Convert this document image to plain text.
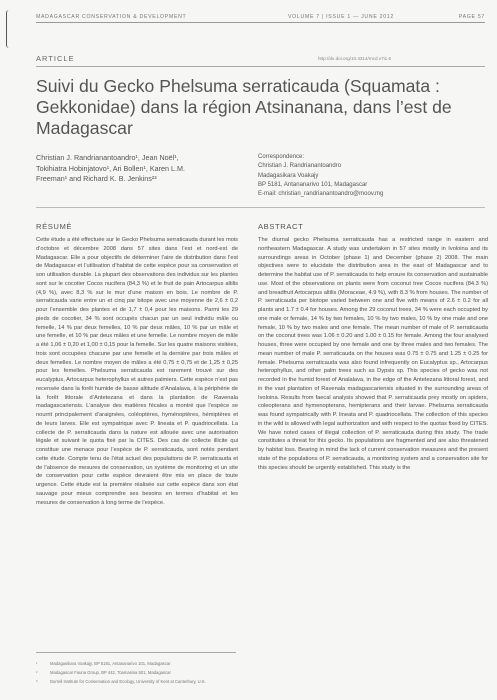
MADAGASCAR CONSERVATION & DEVELOPMENT	VOLUME 7 | ISSUE 1 — JUNE 2012	PAGE 57
ARTICLE	http://dx.doi.org/10.4314/mcd.v7i1.6
Suivi du Gecko Phelsuma serraticauda (Squamata : Gekkonidae) dans la région Atsinanana, dans l’est de Madagascar
Christian J. Randrianantoandro¹, Jean Noël¹,
Tokihiatra Hobinjatovo¹, Ari Bollen¹, Karen L.M.
Freeman¹ and Richard K. B. Jenkins²³
Correspondence:
Christian J. Randrianantoandro
Madagasikara Voakajy
BP 5181, Antananarivo 101, Madagascar
E-mail: christian_randrianantoandro@moov.mg
RÉSUMÉ
Cette étude a été effectuée sur le Gecko Phelsuma serraticauda durant les mois d’octobre et décembre 2008 dans 57 sites dans l’est et nord-est de Madagascar. Elle a pour objectifs de déterminer l’aire de distribution dans l’est de Madagascar et l’utilisation d’habitat de cette espèce pour sa conservation et son utilisation durable. La plupart des observations des individus sur les plantes sont sur le cocotier Cocos nucifera (84,3 %) et le fruit de pain Artocarpus altilis (4,9 %), avec 8,3 % sur le mur d’une maison en bois. Le nombre de P. serraticauda varie entre un et cinq par bitope avec une moyenne de 2,6 ± 0,2 pour l’ensemble des plantes et de 1,7 ± 0,4 pour les maisons. Parmi les 29 pieds de cocotier, 34 % sont occupés chacun par un seul individu mâle ou femelle, 14 % par deux femelles, 10 % par deux mâles, 10 % par un mâle et une femelle, et 10 % par deux mâles et une femelle. Le nombre moyen de mâle a été 1,06 ± 0,20 et 1,00 ± 0,15 pour la femelle. Sur les quatre maisons visitées, trois sont occupées chacune par une femelle et la dernière par trois mâles et deux femelles. Le nombre moyen de mâles a été 0,75 ± 0,75 et de 1,25 ± 0,25 pour les femelles. Phelsuma serraticauda est rarement trouvé sur des eucalyptus, Artocarpus heterophyllus et autres palmiers. Cette espèce n’est pas recensée dans la forêt humide de basse altitude d’Analalava, à la périphérie de la forêt littorale d’Antetezana et dans la plantation de Ravenala madagascariensis. L’analyse des matières fécales a montré que l’espèce se nourrit principalement d’araignées, coléoptères, hyménoptères, hémiptères et de leurs larves. Elle est sympatrique avec P. lineata et P. quadriocellata. La collecte de P. serraticauda dans la nature est allouée avec une autorisation légale et suivant le quota fixé par la CITES. Des cas de collecte illicite qui constitue une menace pour l’espèce de P. serraticauda, sont notés pendant cette étude. Compte tenu de l’état actuel des populations de P. serraticauda et de l’absence de mesures de conservation, un système de monitoring et un site de conservation pour cette espèce devraient être mis en place de toute urgence. Cette étude est la première réalisée sur cette espèce dans son état sauvage pour mieux comprendre ses besoins en termes d’habitat et les mesures de conservation à long terme de l’espèce.
ABSTRACT
The diurnal gecko Phelsuma serraticauda has a restricted range in eastern and northeastern Madagascar. A study was undertaken in 57 sites mostly in Ivoloina and its surroundings areas in October (phase 1) and December (phase 2) 2008. The main objectives were to elucidate the distribution area in the east of Madagascar and to determine the habitat use of P. serraticauda to help ensure its conservation and sustainable use. Most of the observations on plants were from coconut tree Cocos nucifera (84.3 %) and breadfruit Artocarpus altilis (Moraceae, 4.9 %), with 8.3 % from houses. The number of P. serraticauda per biotope varied between one and five with means of 2.6 ± 0.2 for all plants and 1.7 ± 0.4 for houses. Among the 29 coconut trees, 34 % were each occupied by one male or female, 14 % by two females, 10 % by two males, 10 % by one male and one female, 10 % by two males and one female. The mean number of male of P. serraticauda on the coconut trees was 1.06 ± 0.20 and 1.00 ± 0.15 for female. Among the four analysed houses, three were occupied by one female and one by three males and two females. The mean number of male P. serraticauda on the houses was 0.75 ± 0.75 and 1.25 ± 0.25 for female. Phelsuma serraticauda was also found infrequently on Eucalyptus sp., Artocarpus heterophyllus, and other palm trees such as Dypsis sp. This species of gecko was not recorded in the humid forest of Analalava, in the edge of the Antetezana littoral forest, and in the vast plantation of Ravenala madagascariensis situated in the surrounding areas of Ivoloina. Results from faecal analysis showed that P. serraticauda prey mostly on spiders, coleopterans and hymenopterans, hemipterans and their larvae. Phelsuma serraticauda was found sympatrically with P. lineata and P. quadriocellata. The collection of this species in the wild is allowed with legal authorization and with respect to the quotas fixed by CITES. We have noted cases of illegal collection of P. serraticauda during this study. The trade constitutes a threat for this gecko. Its populations are fragmented and are also threatened by habitat loss. Bearing in mind the lack of current conservation measures and the present state of the populations of P. serraticauda, a monitoring system and a conservation site for this species should be urgently established. This study is the
¹	Madagasikara Voakajy, BP 5181, Antananarivo 101, Madagascar
²	Madagascar Fauna Group, BP 442, Toamasina 501, Madagascar
³	Durrell Institute for Conservation and Ecology, University of Kent at Canterbury, U.K.
